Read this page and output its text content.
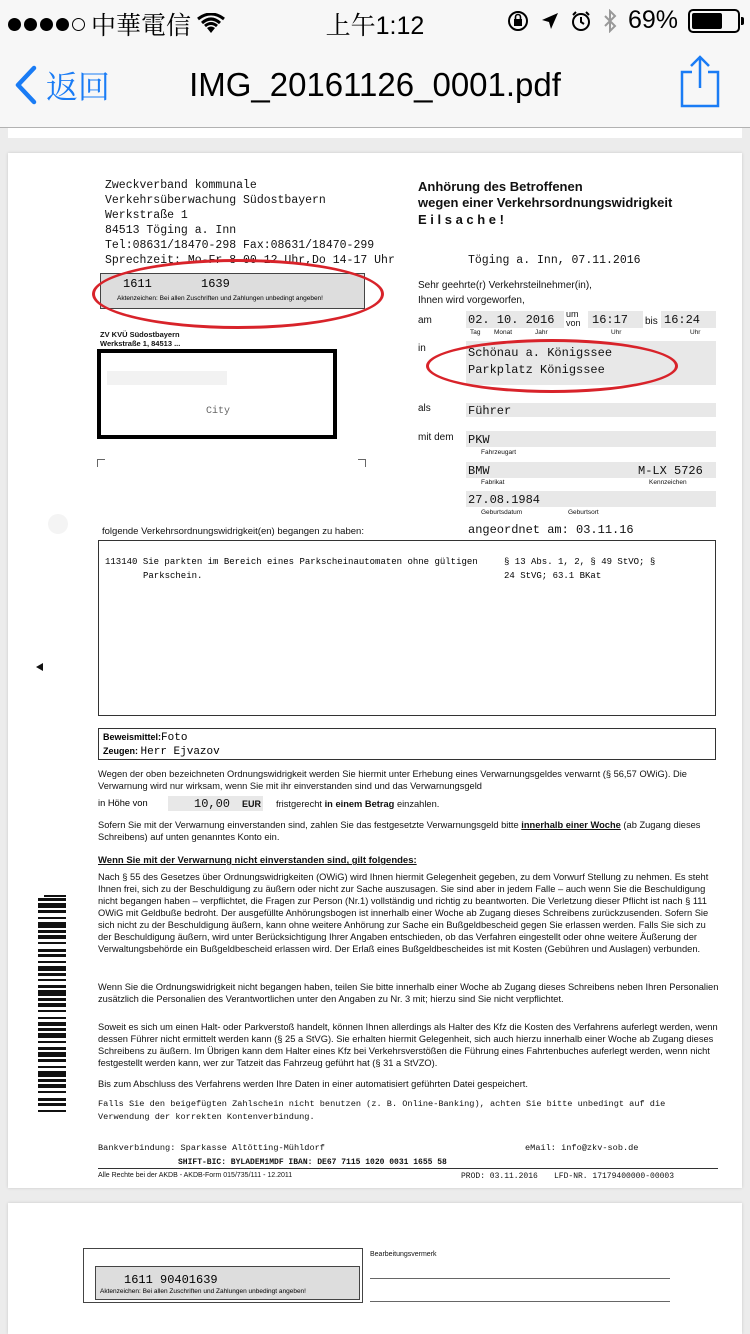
中華電信	上午1:12	69%
返回	IMG_20161126_0001.pdf
Zweckverband kommunale
Verkehrsüberwachung Südostbayern
Werkstraße 1
84513 Töging a. Inn
Tel:08631/18470-298 Fax:08631/18470-299
Sprechzeit: Mo-Fr 8-00-12 Uhr,Do 14-17 Uhr
1611	1639
Aktenzeichen: Bei allen Zuschriften und Zahlungen unbedingt angeben!
ZV KVÜ Südostbayern
Werkstraße 1, 84513 ...
City
Anhörung des Betroffenen
wegen einer Verkehrsordnungswidrigkeit
E i l s a c h e !
Töging a. Inn, 07.11.2016
Sehr geehrte(r) Verkehrsteilnehmer(in),
Ihnen wird vorgeworfen,
am	02. 10. 2016 um
von 16:17 bis 16:24
Tag Monat	Jahr	Uhr	Uhr
in	Schönau a. Königssee
Parkplatz Königssee
als	Führer
mit dem PKW
Fahrzeugart
BMW	M-LX 5726
Fabrikat	Kennzeichen
27.08.1984
Geburtsdatum	Geburtsort
angeordnet am: 03.11.16
folgende Verkehrsordnungswidrigkeit(en) begangen zu haben:
113140 Sie parkten im Bereich eines Parkscheinautomaten ohne gültigen
Parkschein.
§ 13 Abs. 1, 2, § 49 StVO; §
24 StVG; 63.1 BKat
Beweismittel:Foto
Zeugen: Herr Ejvazov
Wegen der oben bezeichneten Ordnungswidrigkeit werden Sie hiermit unter Erhebung eines Verwarnungsgeldes verwarnt (§ 56,57 OWiG). Die Verwarnung wird nur wirksam, wenn Sie mit ihr einverstanden sind und das Verwarnungsgeld
in Höhe von	10,00 EUR fristgerecht in einem Betrag einzahlen.
Sofern Sie mit der Verwarnung einverstanden sind, zahlen Sie das festgesetzte Verwarnungsgeld bitte innerhalb einer Woche (ab Zugang dieses Schreibens) auf unten genanntes Konto ein.
Wenn Sie mit der Verwarnung nicht einverstanden sind, gilt folgendes:
Nach § 55 des Gesetzes über Ordnungswidrigkeiten (OWiG) wird Ihnen hiermit Gelegenheit gegeben, zu dem Vorwurf Stellung zu nehmen. Es steht Ihnen frei, sich zu der Beschuldigung zu äußern oder nicht zur Sache auszusagen. Sie sind aber in jedem Falle – auch wenn Sie die Beschuldigung nicht begangen haben – verpflichtet, die Fragen zur Person (Nr.1) vollständig und richtig zu beantworten. Die Verletzung dieser Pflicht ist nach § 111 OWiG mit Geldbuße bedroht. Der ausgefüllte Anhörungsbogen ist innerhalb einer Woche ab Zugang dieses Schreibens zurückzusenden. Sofern Sie sich nicht zu der Beschuldigung äußern, kann ohne weitere Anhörung zur Sache ein Bußgeldbescheid gegen Sie erlassen werden. Falls Sie sich zu der Beschuldigung äußern, wird unter Berücksichtigung Ihrer Angaben entschieden, ob das Verfahren eingestellt oder ohne weitere Äußerung der Verwaltungsbehörde ein Bußgeldbescheid erlassen wird. Der Erlaß eines Bußgeldbescheides ist mit Kosten (Gebühren und Auslagen) verbunden.
Wenn Sie die Ordnungswidrigkeit nicht begangen haben, teilen Sie bitte innerhalb einer Woche ab Zugang dieses Schreibens neben Ihren Personalien zusätzlich die Personalien des Verantwortlichen unter den Angaben zu Nr. 3 mit; hierzu sind Sie nicht verpflichtet.
Soweit es sich um einen Halt- oder Parkverstoß handelt, können Ihnen allerdings als Halter des Kfz die Kosten des Verfahrens auferlegt werden, wenn dessen Führer nicht ermittelt werden kann (§ 25 a StVG). Sie erhalten hiermit Gelegenheit, sich auch hierzu innerhalb einer Woche ab Zugang dieses Schreibens zu äußern. Im Übrigen kann dem Halter eines Kfz bei Verkehrsverstößen die Führung eines Fahrtenbuches auferlegt werden, wenn nicht festgestellt werden kann, wer zur Tatzeit das Fahrzeug geführt hat (§ 31 a StVZO).
Bis zum Abschluss des Verfahrens werden Ihre Daten in einer automatisiert geführten Datei gespeichert.
Falls Sie den beigefügten Zahlschein nicht benutzen (z. B. Online-Banking), achten Sie bitte unbedingt auf die Verwendung der korrekten Kontenverbindung.
Bankverbindung: Sparkasse Altötting-Mühldorf	eMail: info@zkv-sob.de
SHIFT-BIC: BYLADEM1MDF IBAN: DE67 7115 1020 0031 1655 58
Alle Rechte bei der AKDB - AKDB-Form 015/735/111 - 12.2011	PROD: 03.11.2016 LFD-NR. 17179400000-00003
1611 90401639
Aktenzeichen: Bei allen Zuschriften und Zahlungen unbedingt angeben!
Bearbeitungsvermerk
